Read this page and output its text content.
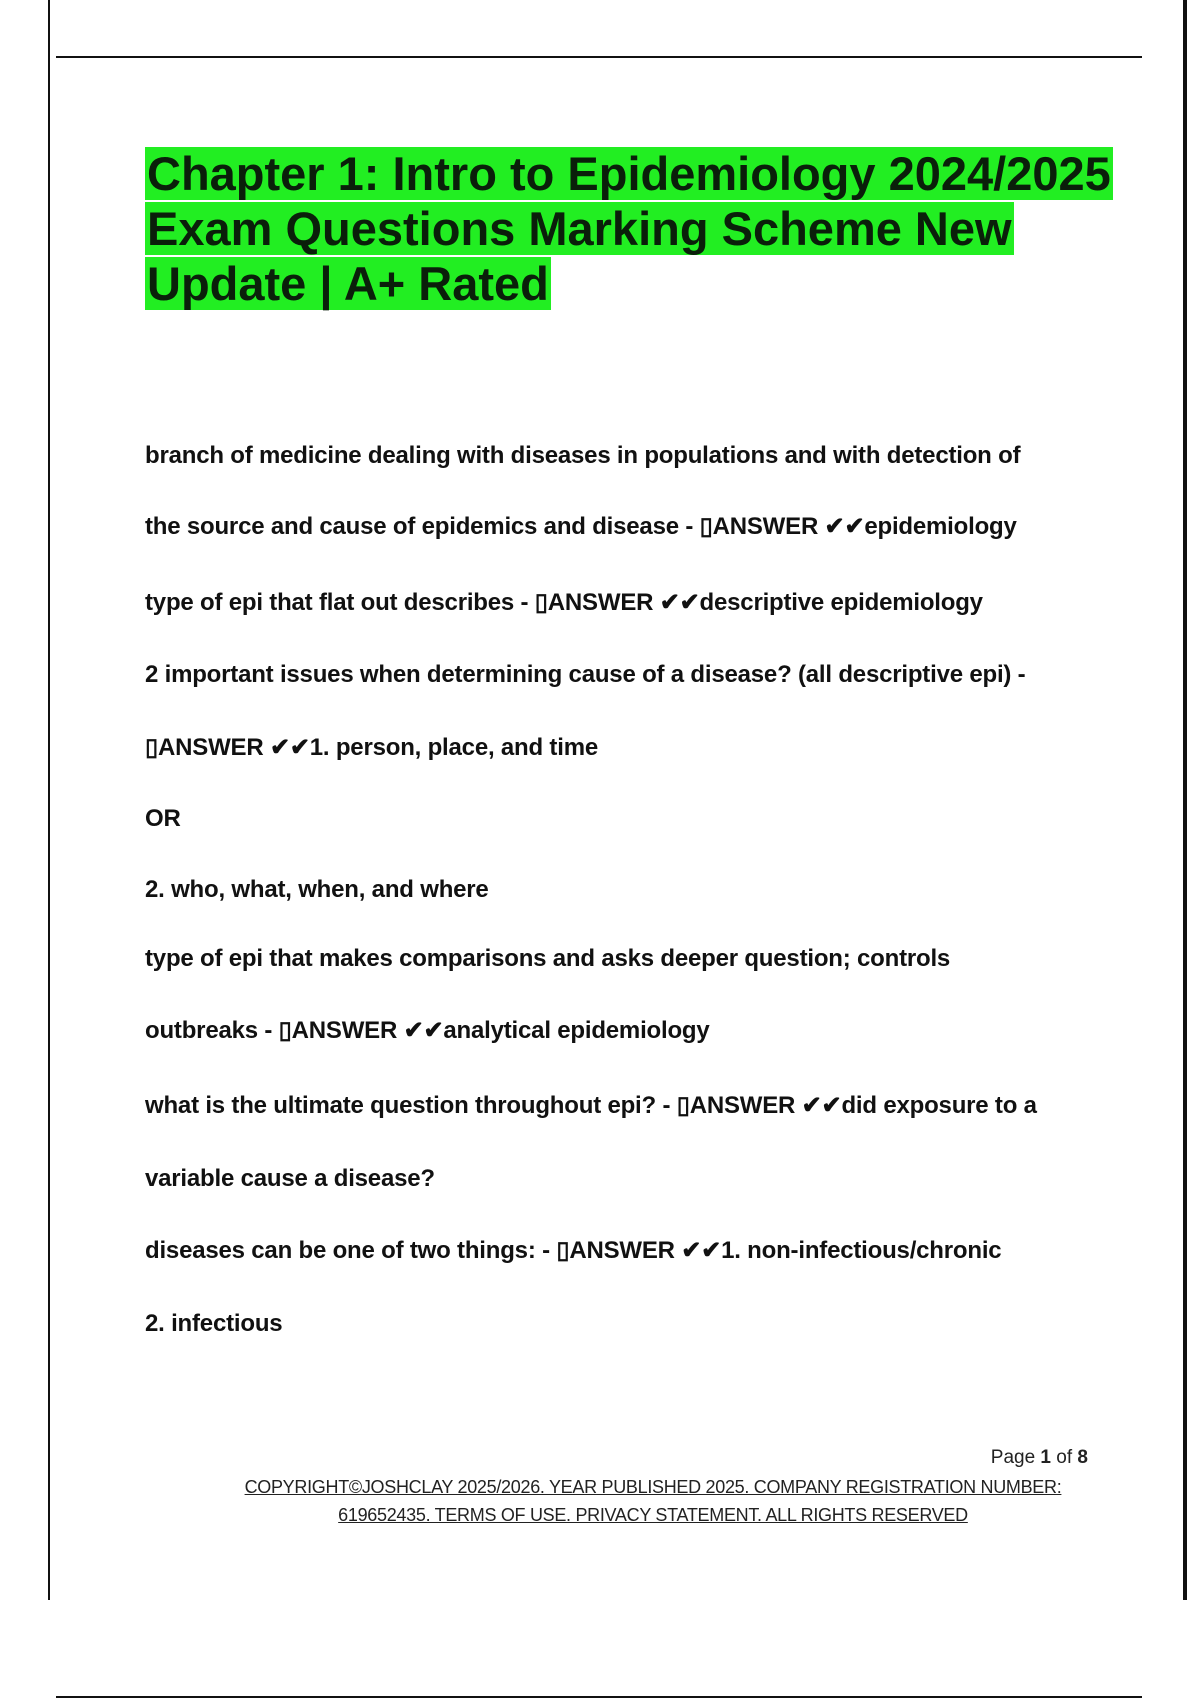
Chapter 1: Intro to Epidemiology 2024/2025 Exam Questions Marking Scheme New Update | A+ Rated
branch of medicine dealing with diseases in populations and with detection of
the source and cause of epidemics and disease - ▯ANSWER ✔✔epidemiology
type of epi that flat out describes - ▯ANSWER ✔✔descriptive epidemiology
2 important issues when determining cause of a disease? (all descriptive epi) -
▯ANSWER ✔✔1. person, place, and time
OR
2. who, what, when, and where
type of epi that makes comparisons and asks deeper question; controls
outbreaks - ▯ANSWER ✔✔analytical epidemiology
what is the ultimate question throughout epi? - ▯ANSWER ✔✔did exposure to a
variable cause a disease?
diseases can be one of two things: - ▯ANSWER ✔✔1. non-infectious/chronic
2. infectious
Page 1 of 8
COPYRIGHT©JOSHCLAY 2025/2026. YEAR PUBLISHED 2025. COMPANY REGISTRATION NUMBER:
619652435. TERMS OF USE. PRIVACY STATEMENT. ALL RIGHTS RESERVED
